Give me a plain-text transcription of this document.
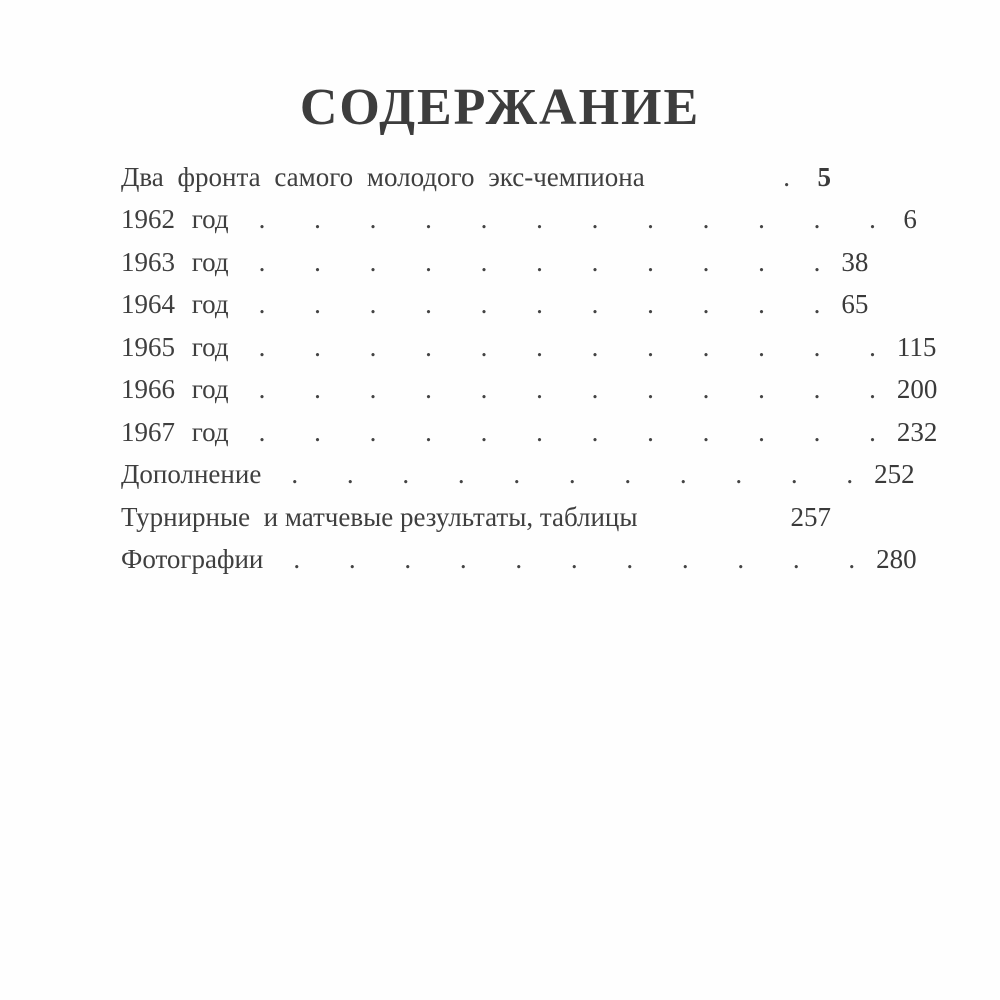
СОДЕРЖАНИЕ
Два фронта самого молодого экс-чемпиона	. 5
1962 год	. . . . . . . . . . . . 6
1963 год	. . . . . . . . . . . 38
1964 год	. . . . . . . . . . . 65
1965 год	. . . . . . . . . . . . 115
1966 год	. . . . . . . . . . . . 200
1967 год	. . . . . . . . . . . . 232
Дополнение	. . . . . . . . . . . 252
Турнирные  и матчевые результаты, таблицы	257
Фотографии	. . . . . . . . . . . 280
